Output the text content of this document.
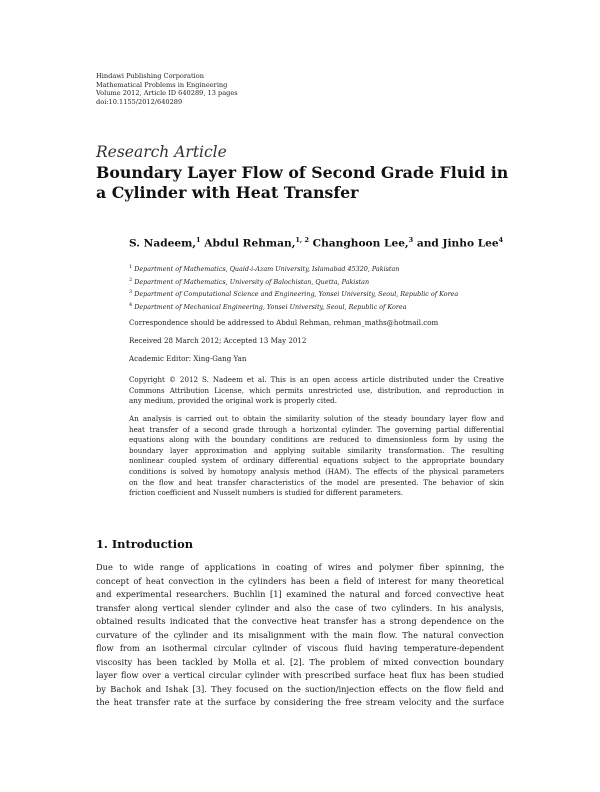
Hindawi Publishing Corporation
Mathematical Problems in Engineering
Volume 2012, Article ID 640289, 13 pages
doi:10.1155/2012/640289
Research Article
Boundary Layer Flow of Second Grade Fluid in
a Cylinder with Heat Transfer
S. Nadeem,$^1$ Abdul Rehman,$^{1, 2}$ Changhoon Lee,$^3$ and Jinho Lee$^4$
$^1$ Department of Mathematics, Quaid-i-Azam University, Islamabad 45320, Pakistan
$^2$ Department of Mathematics, University of Balochistan, Quetta, Pakistan
$^3$ Department of Computational Science and Engineering, Yonsei University, Seoul, Republic of Korea
$^4$ Department of Mechanical Engineering, Yonsei University, Seoul, Republic of Korea
Correspondence should be addressed to Abdul Rehman, rehman_maths@hotmail.com
Received 28 March 2012; Accepted 13 May 2012
Academic Editor: Xing-Gang Yan
Copyright © 2012 S. Nadeem et al. This is an open access article distributed under the Creative
Commons Attribution License, which permits unrestricted use, distribution, and reproduction in
any medium, provided the original work is properly cited.
An analysis is carried out to obtain the similarity solution of the steady boundary layer flow and
heat transfer of a second grade through a horizontal cylinder. The governing partial differential
equations along with the boundary conditions are reduced to dimensionless form by using the
boundary layer approximation and applying suitable similarity transformation. The resulting
nonlinear coupled system of ordinary differential equations subject to the appropriate boundary
conditions is solved by homotopy analysis method (HAM). The effects of the physical parameters
on the flow and heat transfer characteristics of the model are presented. The behavior of skin
friction coefficient and Nusselt numbers is studied for different parameters.
1. Introduction
Due to wide range of applications in coating of wires and polymer fiber spinning, the
concept of heat convection in the cylinders has been a field of interest for many theoretical
and experimental researchers. Buchlin [1] examined the natural and forced convective heat
transfer along vertical slender cylinder and also the case of two cylinders. In his analysis,
obtained results indicated that the convective heat transfer has a strong dependence on the
curvature of the cylinder and its misalignment with the main flow. The natural convection
flow from an isothermal circular cylinder of viscous fluid having temperature-dependent
viscosity has been tackled by Molla et al. [2]. The problem of mixed convection boundary
layer flow over a vertical circular cylinder with prescribed surface heat flux has been studied
by Bachok and Ishak [3]. They focused on the suction/injection effects on the flow field and
the heat transfer rate at the surface by considering the free stream velocity and the surface
